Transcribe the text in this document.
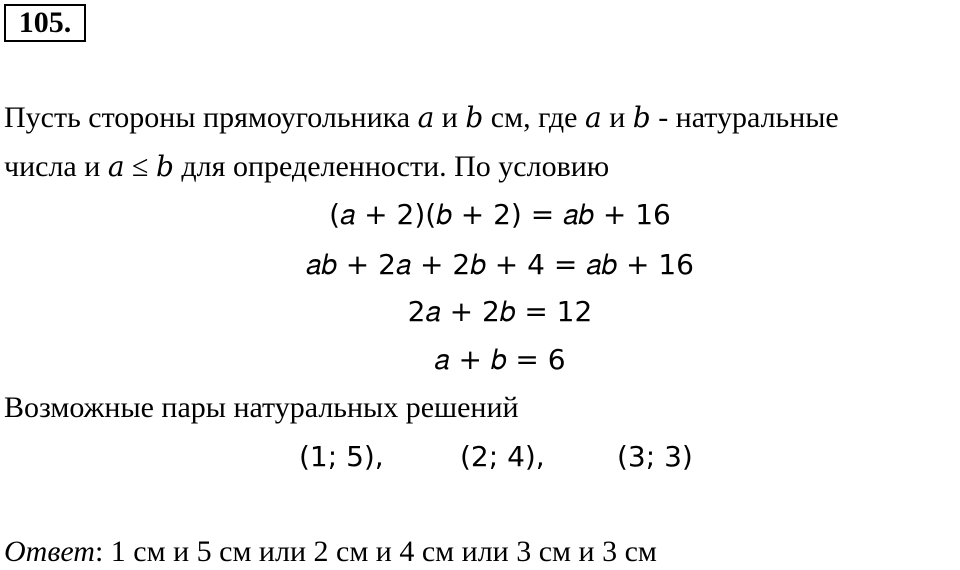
105.
Пусть стороны прямоугольника a и b см, где a и b - натуральные
числа и a ≤ b для определенности. По условию
(𝑎 + 2)(𝑏 + 2) = 𝑎𝑏 + 16
𝑎𝑏 + 2𝑎 + 2𝑏 + 4 = 𝑎𝑏 + 16
2𝑎 + 2𝑏 = 12
𝑎 + 𝑏 = 6
Возможные пары натуральных решений
(1; 5),	(2; 4),	(3; 3)
Ответ: 1 см и 5 см или 2 см и 4 см или 3 см и 3 см
